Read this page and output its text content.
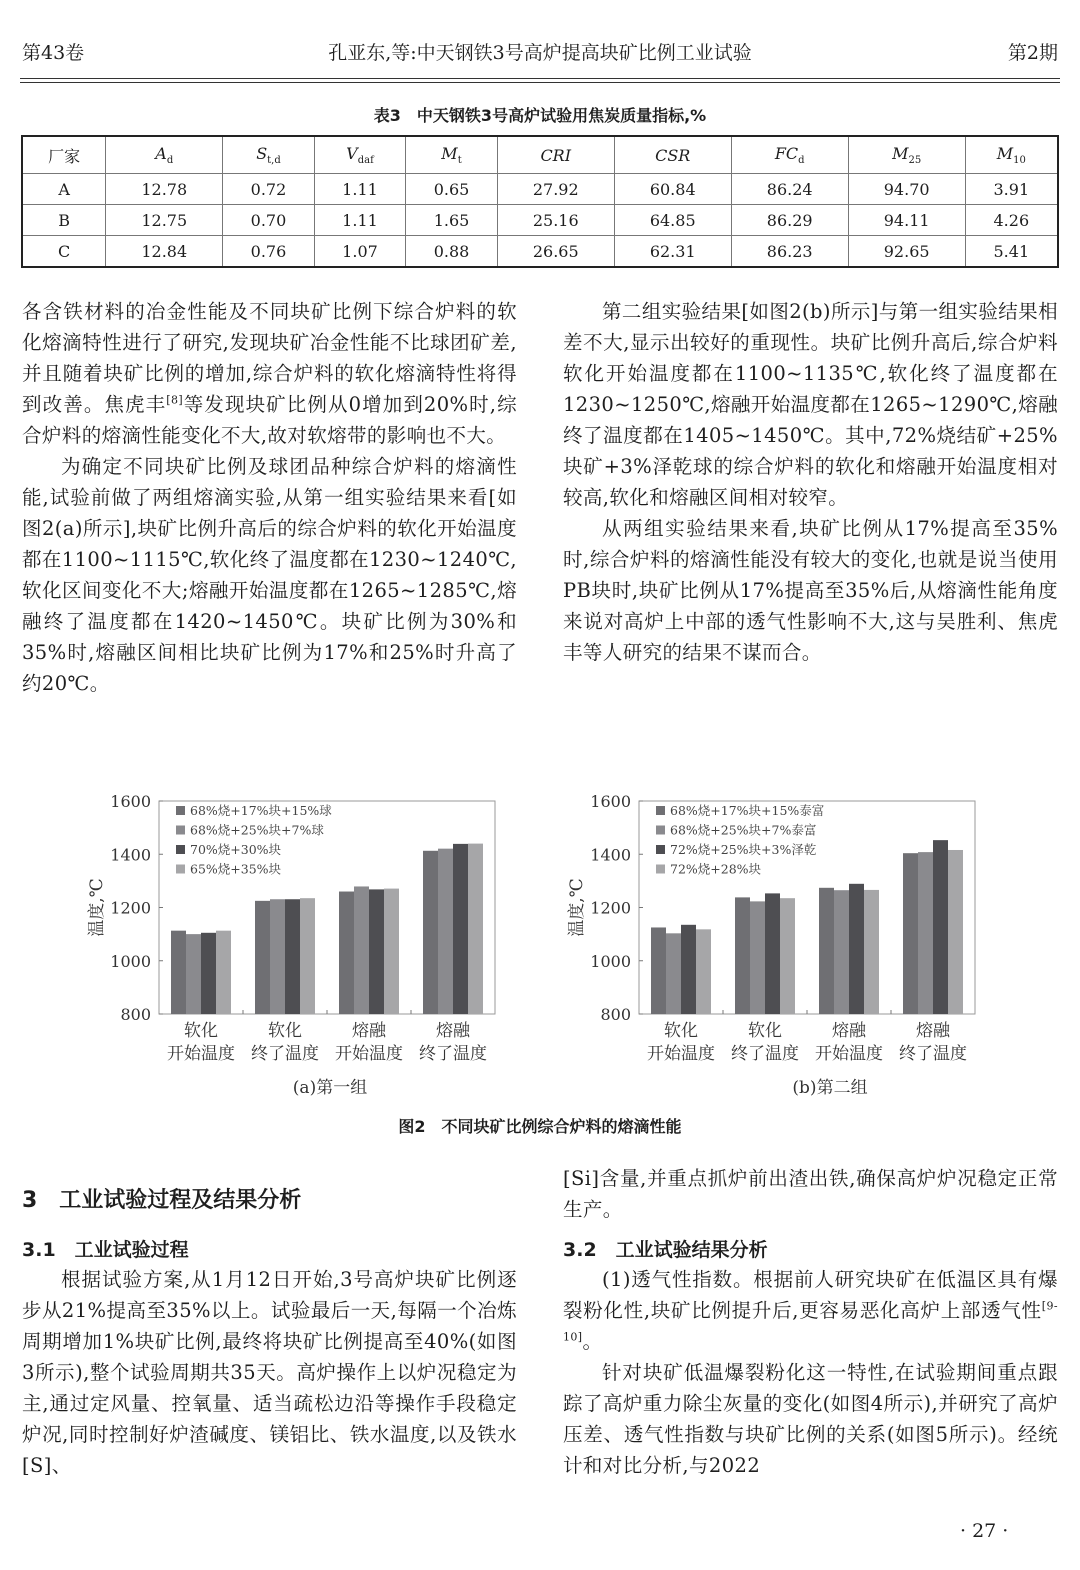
第43卷	孔亚东,等:中天钢铁3号高炉提高块矿比例工业试验	第2期
表3　中天钢铁3号高炉试验用焦炭质量指标,%
厂家	$A_d$	$S_{t,d}$	$V_{daf}$	$M_t$	CRI	CSR	$FC_d$	$M_{25}$	$M_{10}$
A	12.78	0.72	1.11	0.65	27.92	60.84	86.24	94.70	3.91
B	12.75	0.70	1.11	1.65	25.16	64.85	86.29	94.11	4.26
C	12.84	0.76	1.07	0.88	26.65	62.31	86.23	92.65	5.41

各含铁材料的冶金性能及不同块矿比例下综合炉料的软化熔滴特性进行了研究,发现块矿冶金性能不比球团矿差,并且随着块矿比例的增加,综合炉料的软化熔滴特性将得到改善。焦虎丰[8]等发现块矿比例从0增加到20%时,综合炉料的熔滴性能变化不大,故对软熔带的影响也不大。

为确定不同块矿比例及球团品种综合炉料的熔滴性能,试验前做了两组熔滴实验,从第一组实验结果来看[如图2(a)所示],块矿比例升高后的综合炉料的软化开始温度都在1100~1115℃,软化终了温度都在1230~1240℃,软化区间变化不大;熔融开始温度都在1265~1285℃,熔融终了温度都在1420~1450℃。块矿比例为30%和35%时,熔融区间相比块矿比例为17%和25%时升高了约20℃。

第二组实验结果[如图2(b)所示]与第一组实验结果相差不大,显示出较好的重现性。块矿比例升高后,综合炉料软化开始温度都在1100~1135℃,软化终了温度都在1230~1250℃,熔融开始温度都在1265~1290℃,熔融终了温度都在1405~1450℃。其中,72%烧结矿+25%块矿+3%泽乾球的综合炉料的软化和熔融开始温度相对较高,软化和熔融区间相对较窄。

从两组实验结果来看,块矿比例从17%提高至35%时,综合炉料的熔滴性能没有较大的变化,也就是说当使用PB块时,块矿比例从17%提高至35%后,从熔滴性能角度来说对高炉上中部的透气性影响不大,这与吴胜利、焦虎丰等人研究的结果不谋而合。

800
1000
1200
1400
1600
温度,℃
软化
开始温度
软化
终了温度
熔融
开始温度
熔融
终了温度
68%烧+17%块+15%球
68%烧+25%块+7%球
70%烧+30%块
65%烧+35%块
800
1000
1200
1400
1600
温度,℃
软化
开始温度
软化
终了温度
熔融
开始温度
熔融
终了温度
68%烧+17%块+15%泰富
68%烧+25%块+7%泰富
72%烧+25%块+3%泽乾
72%烧+28%块
(a)第一组	(b)第二组
图2　不同块矿比例综合炉料的熔滴性能
3　工业试验过程及结果分析
3.1　工业试验过程

根据试验方案,从1月12日开始,3号高炉块矿比例逐步从21%提高至35%以上。试验最后一天,每隔一个冶炼周期增加1%块矿比例,最终将块矿比例提高至40%(如图3所示),整个试验周期共35天。高炉操作上以炉况稳定为主,通过定风量、控氧量、适当疏松边沿等操作手段稳定炉况,同时控制好炉渣碱度、镁铝比、铁水温度,以及铁水[S]、

[Si]含量,并重点抓炉前出渣出铁,确保高炉炉况稳定正常生产。

3.2　工业试验结果分析

(1)透气性指数。根据前人研究块矿在低温区具有爆裂粉化性,块矿比例提升后,更容易恶化高炉上部透气性[9-10]。

针对块矿低温爆裂粉化这一特性,在试验期间重点跟踪了高炉重力除尘灰量的变化(如图4所示),并研究了高炉压差、透气性指数与块矿比例的关系(如图5所示)。经统计和对比分析,与2022

· 27 ·
